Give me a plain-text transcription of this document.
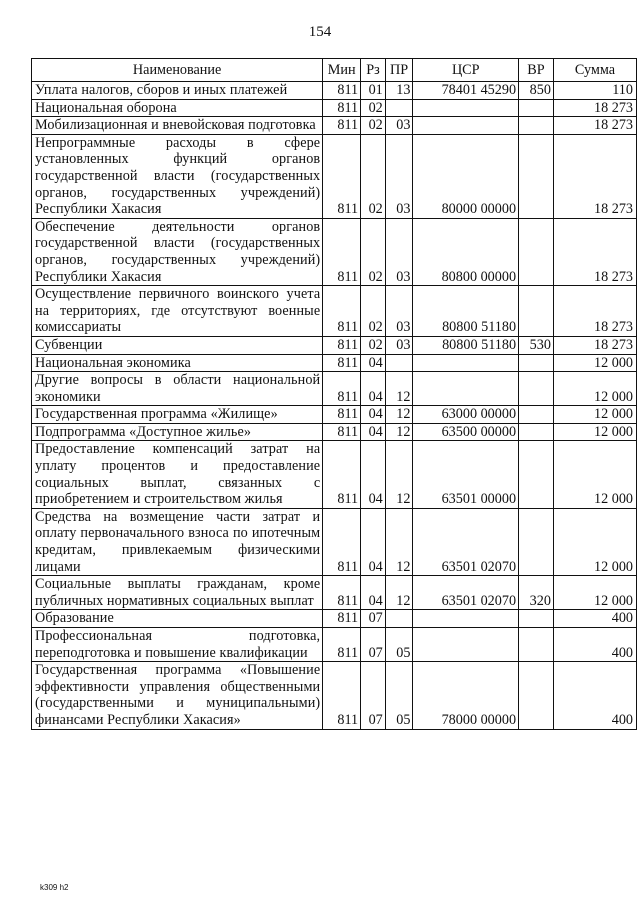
154
Наименование	Мин	Рз	ПР	ЦСР	ВР	Сумма
Уплата налогов, сборов и иных платежей	811	01	13	78401 45290	850	110
Национальная оборона	811	02				18 273
Мобилизационная и вневойсковая подготовка	811	02	03			18 273
Непрограммные расходы в сфере установленных функций органов государственной власти (государственных органов, государственных учреждений) Республики Хакасия	811	02	03	80000 00000		18 273
Обеспечение деятельности органов государственной власти (государственных органов, государственных учреждений) Республики Хакасия	811	02	03	80800 00000		18 273
Осуществление первичного воинского учета на территориях, где отсутствуют военные комиссариаты	811	02	03	80800 51180		18 273
Субвенции	811	02	03	80800 51180	530	18 273
Национальная экономика	811	04				12 000
Другие вопросы в области национальной экономики	811	04	12			12 000
Государственная программа «Жилище»	811	04	12	63000 00000		12 000
Подпрограмма «Доступное жилье»	811	04	12	63500 00000		12 000
Предоставление компенсаций затрат на уплату процентов и предоставление социальных выплат, связанных с приобретением и строительством жилья	811	04	12	63501 00000		12 000
Средства на возмещение части затрат и оплату первоначального взноса по ипотечным кредитам, привлекаемым физическими лицами	811	04	12	63501 02070		12 000
Социальные выплаты гражданам, кроме публичных нормативных социальных выплат	811	04	12	63501 02070	320	12 000
Образование	811	07				400
Профессиональная подготовка, переподготовка и повышение квалификации	811	07	05			400
Государственная программа «Повышение эффективности управления общественными (государственными и муниципальными) финансами Республики Хакасия»	811	07	05	78000 00000		400
k309 h2
